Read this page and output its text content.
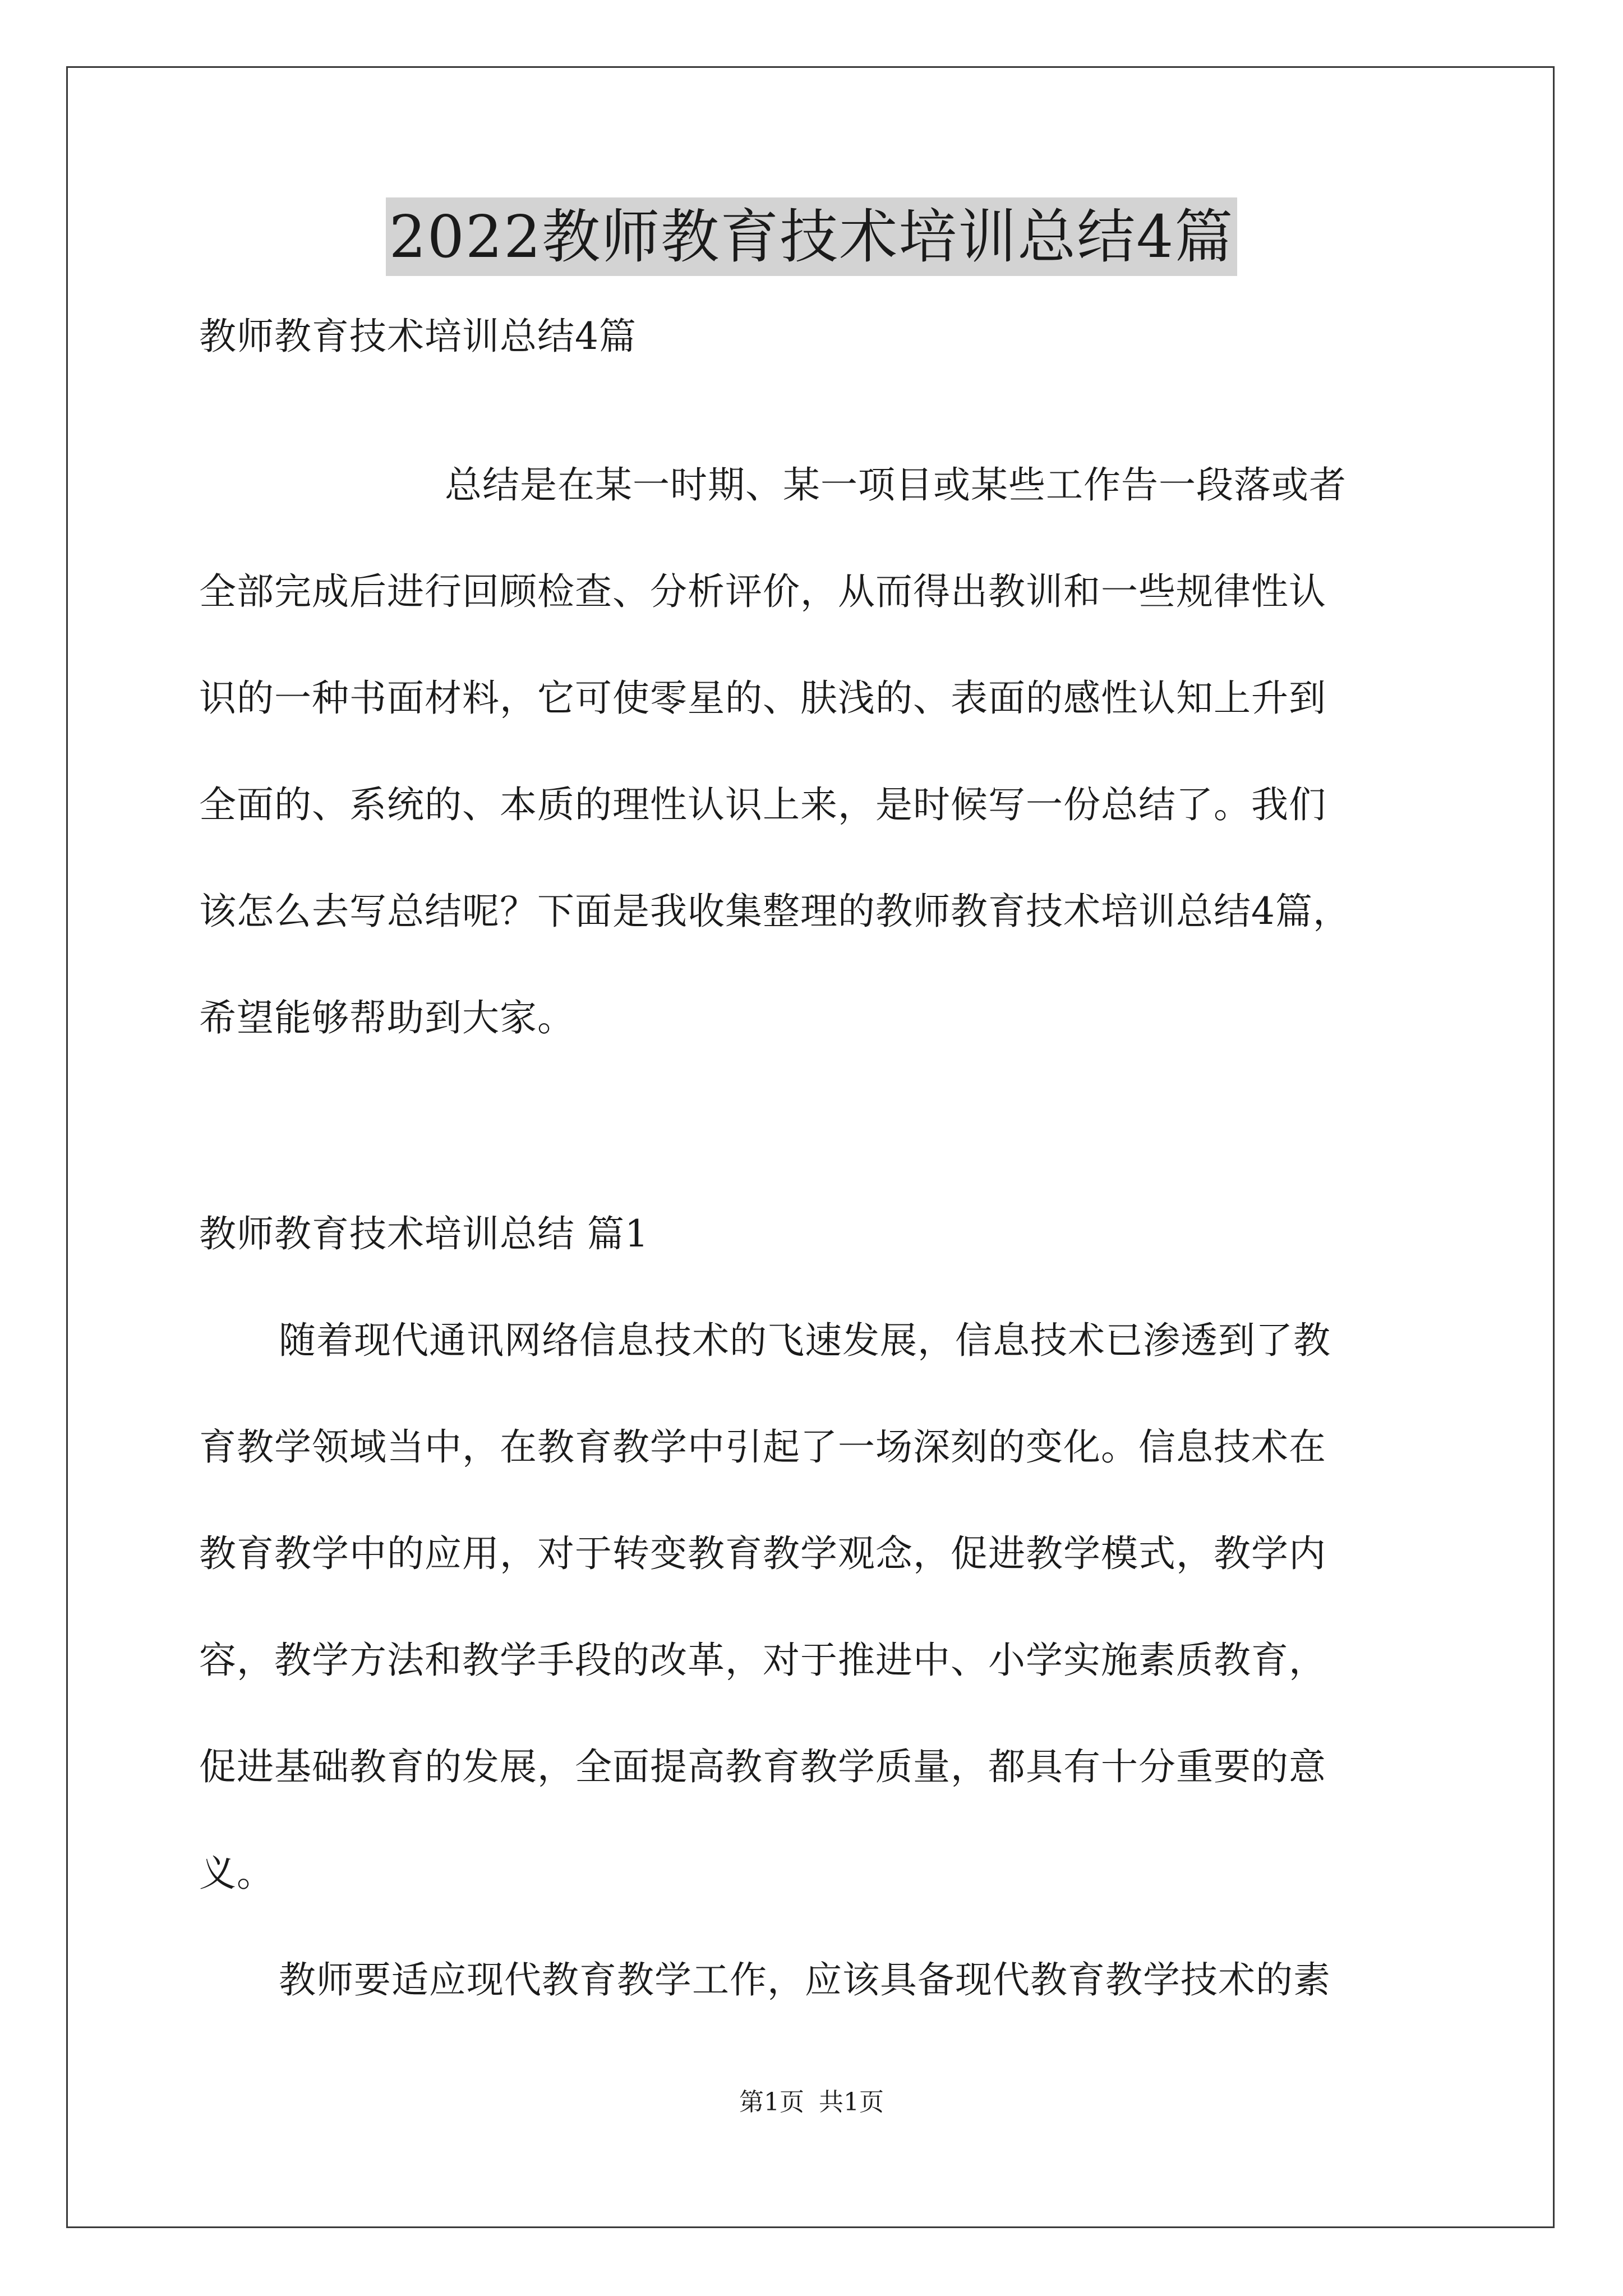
2022教师教育技术培训总结4篇
教师教育技术培训总结4篇
总结是在某一时期、某一项目或某些工作告一段落或者
全部完成后进行回顾检查、分析评价，从而得出教训和一些规律性认
识的一种书面材料，它可使零星的、肤浅的、表面的感性认知上升到
全面的、系统的、本质的理性认识上来，是时候写一份总结了。我们
该怎么去写总结呢？下面是我收集整理的教师教育技术培训总结4篇，
希望能够帮助到大家。
教师教育技术培训总结 篇1
随着现代通讯网络信息技术的飞速发展，信息技术已渗透到了教
育教学领域当中，在教育教学中引起了一场深刻的变化。信息技术在
教育教学中的应用，对于转变教育教学观念，促进教学模式，教学内
容，教学方法和教学手段的改革，对于推进中、小学实施素质教育，
促进基础教育的发展，全面提高教育教学质量，都具有十分重要的意
义。
教师要适应现代教育教学工作，应该具备现代教育教学技术的素
第1页 共1页
